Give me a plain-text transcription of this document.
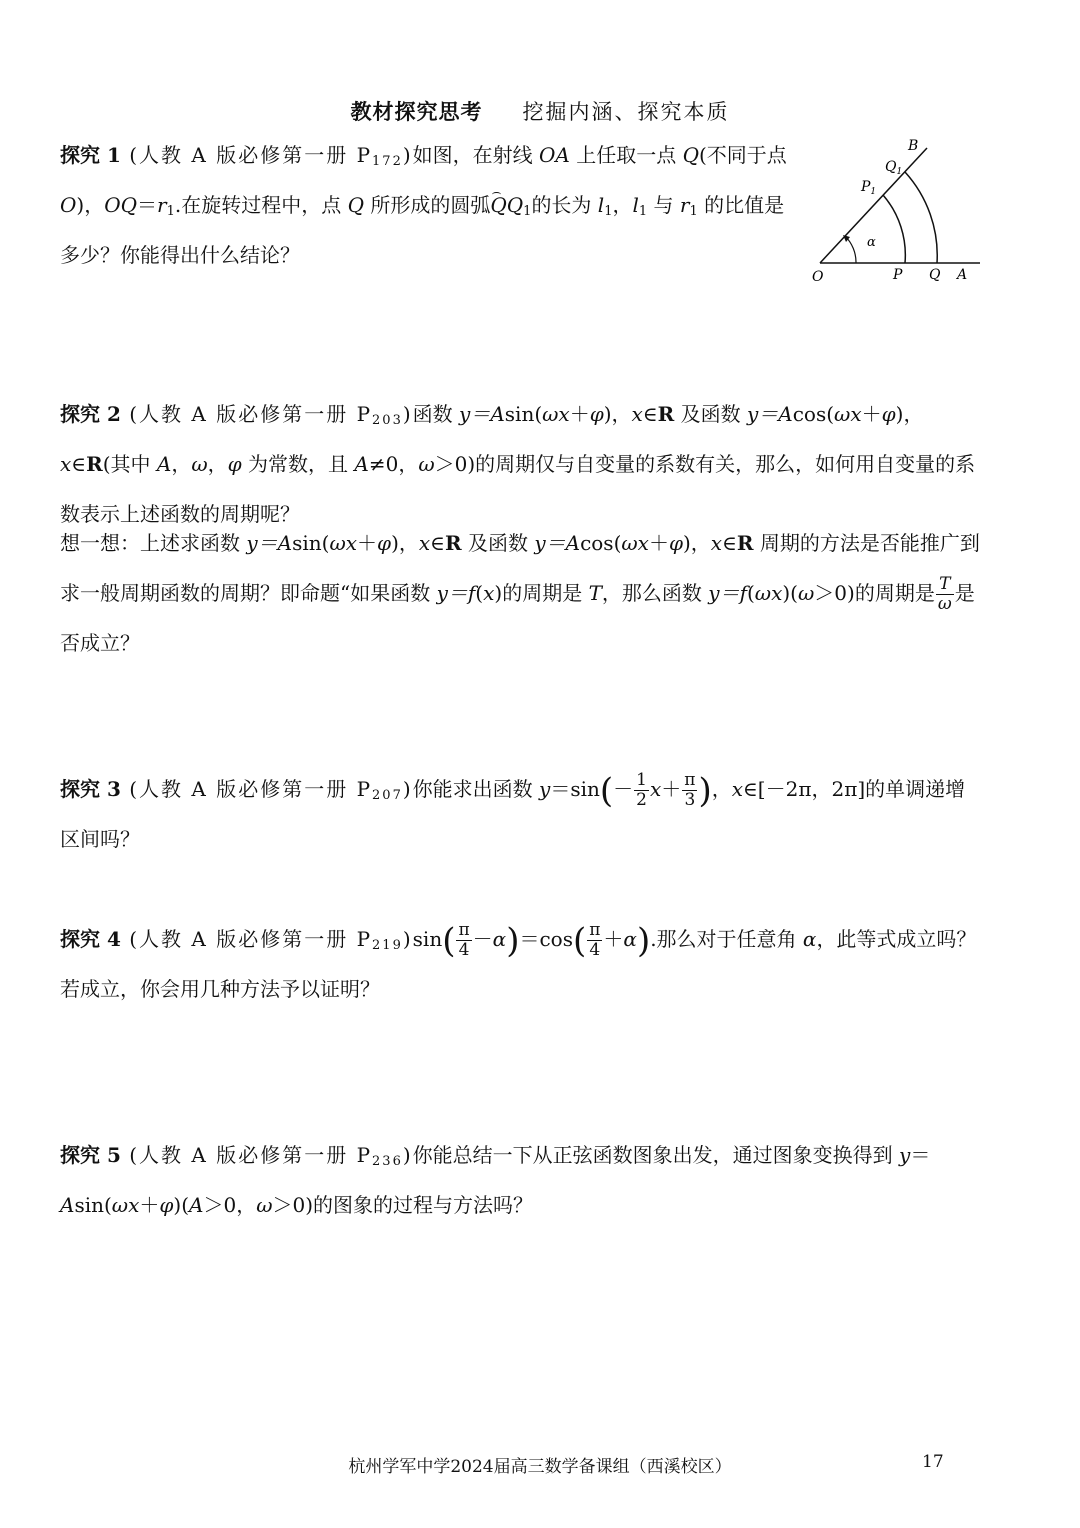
教材探究思考 挖掘内涵、探究本质
探究 1 (人教 A 版必修第一册 $P_{172}$)如图，在射线 OA 上任取一点 Q(不同于点
O)，$OQ=r_1$.在旋转过程中，点 Q 所形成的圆弧$QQ_1$的长为 $l_1$，$l_1$ 与 $r_1$ 的比值是多少？你能得出什么结论？
B
$Q_1$
$P_1$
α
O	P Q A
探究 2 (人教 A 版必修第一册 $P_{203}$)函数 y＝Asin(ωx＋φ)，x∈R 及函数 y＝Acos(ωx＋φ)，x∈R(其中 A，ω，φ 为常数，且 A≠0，ω＞0)的周期仅与自变量的系数有关，那么，如何用自变量的系数表示上述函数的周期呢？
想一想：上述求函数 y＝Asin(ωx＋φ)，x∈R 及函数 y＝Acos(ωx＋φ)，x∈R 周期的方法是否能推广到求一般周期函数的周期？即命题“如果函数 y＝f(x)的周期是 T，那么函数 y＝f(ωx)(ω＞0)的周期是 $\frac{T}{\omega}$ 是否成立？
探究 3 (人教 A 版必修第一册 $P_{207}$)你能求出函数 $y=\sin(- \frac{1}{2} x+ \frac{\pi}{3}$ )，x∈[－2π，2π]的单调递增区间吗？
探究 4 (人教 A 版必修第一册 $P_{219})\sin( \frac{\pi}{4} -\alpha)=\cos( \frac{\pi}{4} +\alpha)$.那么对于任意角 α，此等式成立吗？若成立，你会用几种方法予以证明？
探究 5 (人教 A 版必修第一册 $P_{236}$)你能总结一下从正弦函数图象出发，通过图象变换得到 y＝Asin(ωx＋φ)(A＞0，ω＞0)的图象的过程与方法吗？
杭州学军中学2024届高三数学备课组（西溪校区）	17
